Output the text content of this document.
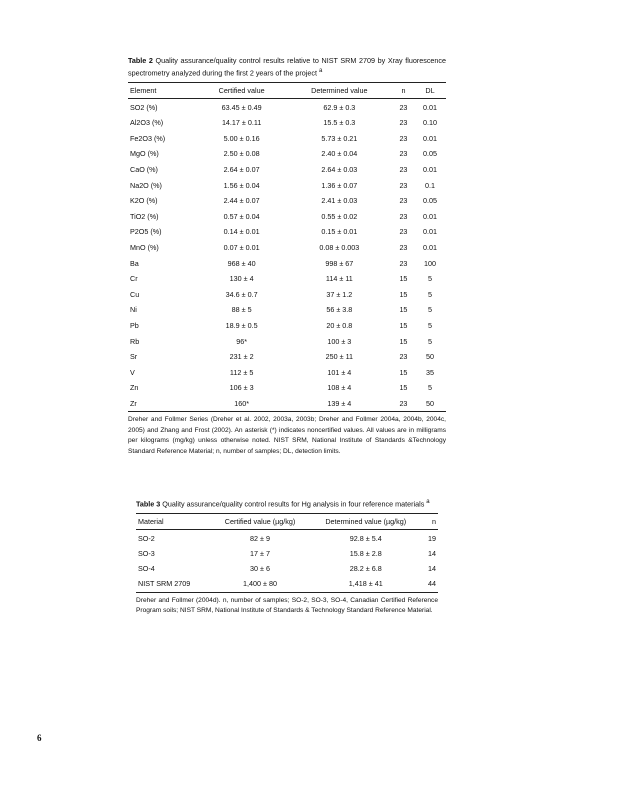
Table 2 Quality assurance/quality control results relative to NIST SRM 2709 by Xray fluorescence spectrometry analyzed during the first 2 years of the project $^a$
Element	Certified value	Determined value	n	DL
SO2 (%)	63.45 ± 0.49	62.9 ± 0.3	23	0.01
Al2O3 (%)	14.17 ± 0.11	15.5 ± 0.3	23	0.10
Fe2O3 (%)	5.00 ± 0.16	5.73 ± 0.21	23	0.01
MgO (%)	2.50 ± 0.08	2.40 ± 0.04	23	0.05
CaO (%)	2.64 ± 0.07	2.64 ± 0.03	23	0.01
Na2O (%)	1.56 ± 0.04	1.36 ± 0.07	23	0.1
K2O (%)	2.44 ± 0.07	2.41 ± 0.03	23	0.05
TiO2 (%)	0.57 ± 0.04	0.55 ± 0.02	23	0.01
P2O5 (%)	0.14 ± 0.01	0.15 ± 0.01	23	0.01
MnO (%)	0.07 ± 0.01	0.08 ± 0.003	23	0.01
Ba	968 ± 40	998 ± 67	23	100
Cr	130 ± 4	114 ± 11	15	5
Cu	34.6 ± 0.7	37 ± 1.2	15	5
Ni	88 ± 5	56 ± 3.8	15	5
Pb	18.9 ± 0.5	20 ± 0.8	15	5
Rb	96*	100 ± 3	15	5
Sr	231 ± 2	250 ± 11	23	50
V	112 ± 5	101 ± 4	15	35
Zn	106 ± 3	108 ± 4	15	5
Zr	160*	139 ± 4	23	50
Dreher and Follmer Series (Dreher et al. 2002, 2003a, 2003b; Dreher and Follmer 2004a, 2004b, 2004c, 2005) and Zhang and Frost (2002). An asterisk (*) indicates noncertified values. All values are in milligrams per kilograms (mg/kg) unless otherwise noted. NIST SRM, National Institute of Standards &Technology Standard Reference Material; n, number of samples; DL, detection limits.
Table 3 Quality assurance/quality control results for Hg analysis in four reference materials $^a$
Material	Certified value (µg/kg)	Determined value (µg/kg)	n
SO-2	82 ± 9	92.8 ± 5.4	19
SO-3	17 ± 7	15.8 ± 2.8	14
SO-4	30 ± 6	28.2 ± 6.8	14
NIST SRM 2709	1,400 ± 80	1,418 ± 41	44
Dreher and Follmer (2004d). n, number of samples; SO-2, SO-3, SO-4, Canadian Certified Reference Program soils; NIST SRM, National Institute of Standards & Technology Standard Reference Material.
6
